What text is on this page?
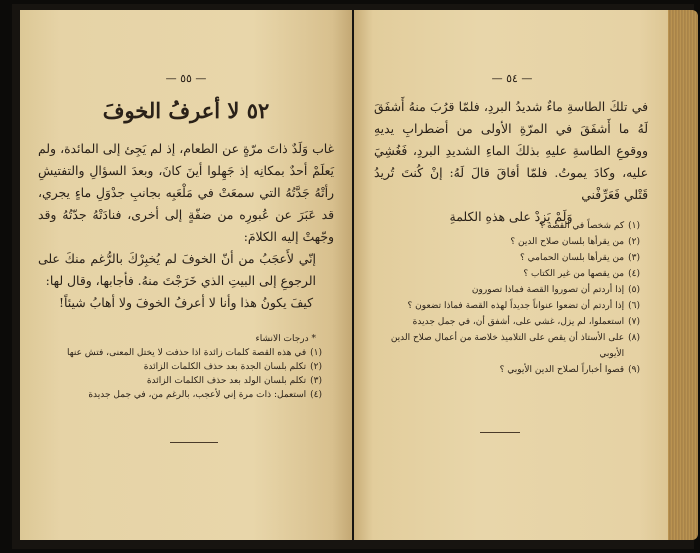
— ٥٥ —
٥٢ لا أعرفُ الخوفَ

غاب وَلَدٌ ذاتَ مرّةٍ عن الطعام، إذ لم يَجِئ إلى المائدة، ولم يَعلَمْ أحدٌ بمكانِه إذ جَهِلوا أينَ كانَ، وبعدَ السؤالِ والتفتيشِ رأتْهُ جَدَّتُهُ التي سمعَتْ في مَلْعَبِه بجانبِ جدْوَلِ ماءٍ يجري، قد عَبَرَ عن عُبورِه من ضفّةٍ إلى أخرى، فنادَتْهُ جدّتُهُ وقد وجّهتْ إليه الكلامَ:

إنّي لأَعجَبُ من أنّ الخوفَ لم يُخبِرْكَ بالرُّغم منكَ على الرجوعِ إلى البيتِ الذي خَرَجْتَ منهُ. فأجابها، وقال لها:

كيفَ يكونُ هذا وأنا لا أعرفُ الخوفَ ولا أهابُ شيئاً!

* درجات الانشاء
(١)
في هذه القصة كلمات زائدة اذا حذفت لا يختل المعنى، فتش عنها
(٢)
تكلم بلسان الجدة بعد حذف الكلمات الزائدة
(٣)
تكلم بلسان الولد بعد حذف الكلمات الزائدة
(٤)
استعمل: ذات مرة إني لأعجب، بالرغم من، في جمل جديدة
— ٥٤ —

في تلكَ الطاسةِ ماءٌ شديدُ البردِ، فلمّا قرُبَ منهُ أَشفَقَ لَهُ ما أَشفَقَ في المرّةِ الأولى من أضطرابِ يديهِ ووقوعِ الطاسةِ عليهِ بذلكَ الماءِ الشديدِ البردِ، فَغُشِيَ عليه، وكادَ يموتُ. فلمّا أفاقَ قالَ لَهُ: إنْ كُنتَ تُريدُ قَتْلي فَعَرِّفْني

وَلَمْ يَزِدْ على هذهِ الكلمةِ

(١)
كم شخصاً في القصة ؟
(٢)
من يقرأها بلسان صلاح الدين ؟
(٣)
من يقرأها بلسان الحمامي ؟
(٤)
من يقصها من غير الكتاب ؟
(٥)
إذا أردتم أن تصوروا القصة فماذا تصورون
(٦)
إذا أردتم أن تضعوا عنواناً جديداً لهذه القصة فماذا تضعون ؟
(٧)
استعملوا، لم يزل، غشي على، أشفق أن، في جمل جديدة
(٨)
على الأستاذ أن يقص على التلاميذ خلاصة من أعمال صلاح الدين الأيوبي
(٩)
قصوا أخباراً لصلاح الدين الأيوبي ؟
